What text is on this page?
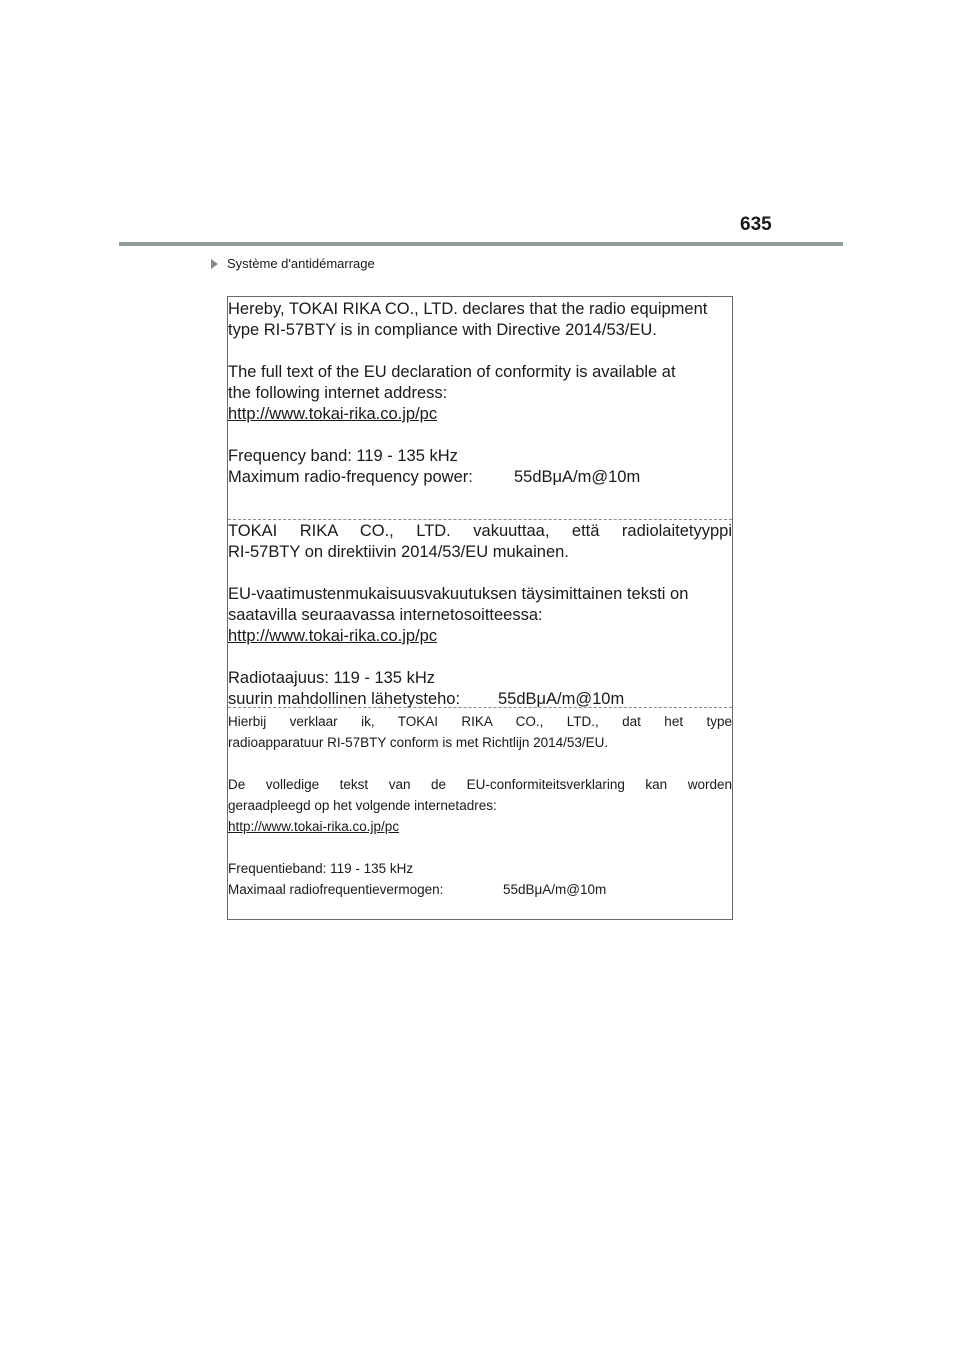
635
Système d'antidémarrage

Hereby, TOKAI RIKA CO., LTD. declares that the radio equipment

type RI-57BTY is in compliance with Directive 2014/53/EU.

The full text of the EU declaration of conformity is available at

the following internet address:

http://www.tokai-rika.co.jp/pc

Frequency band: 119 - 135 kHz

Maximum radio-frequency power:	55dBμA/m@10m

TOKAI RIKA CO., LTD. vakuuttaa, että radiolaitetyyppi

RI-57BTY on direktiivin 2014/53/EU mukainen.

EU-vaatimustenmukaisuusvakuutuksen täysimittainen teksti on

saatavilla seuraavassa internetosoitteessa:

http://www.tokai-rika.co.jp/pc

Radiotaajuus: 119 - 135 kHz

suurin mahdollinen lähetysteho:	55dBμA/m@10m

Hierbij verklaar ik, TOKAI RIKA CO., LTD., dat het type

radioapparatuur RI-57BTY conform is met Richtlijn 2014/53/EU.

De volledige tekst van de EU-conformiteitsverklaring kan worden

geraadpleegd op het volgende internetadres:

http://www.tokai-rika.co.jp/pc

Frequentieband: 119 - 135 kHz

Maximaal radiofrequentievermogen:	55dBμA/m@10m
